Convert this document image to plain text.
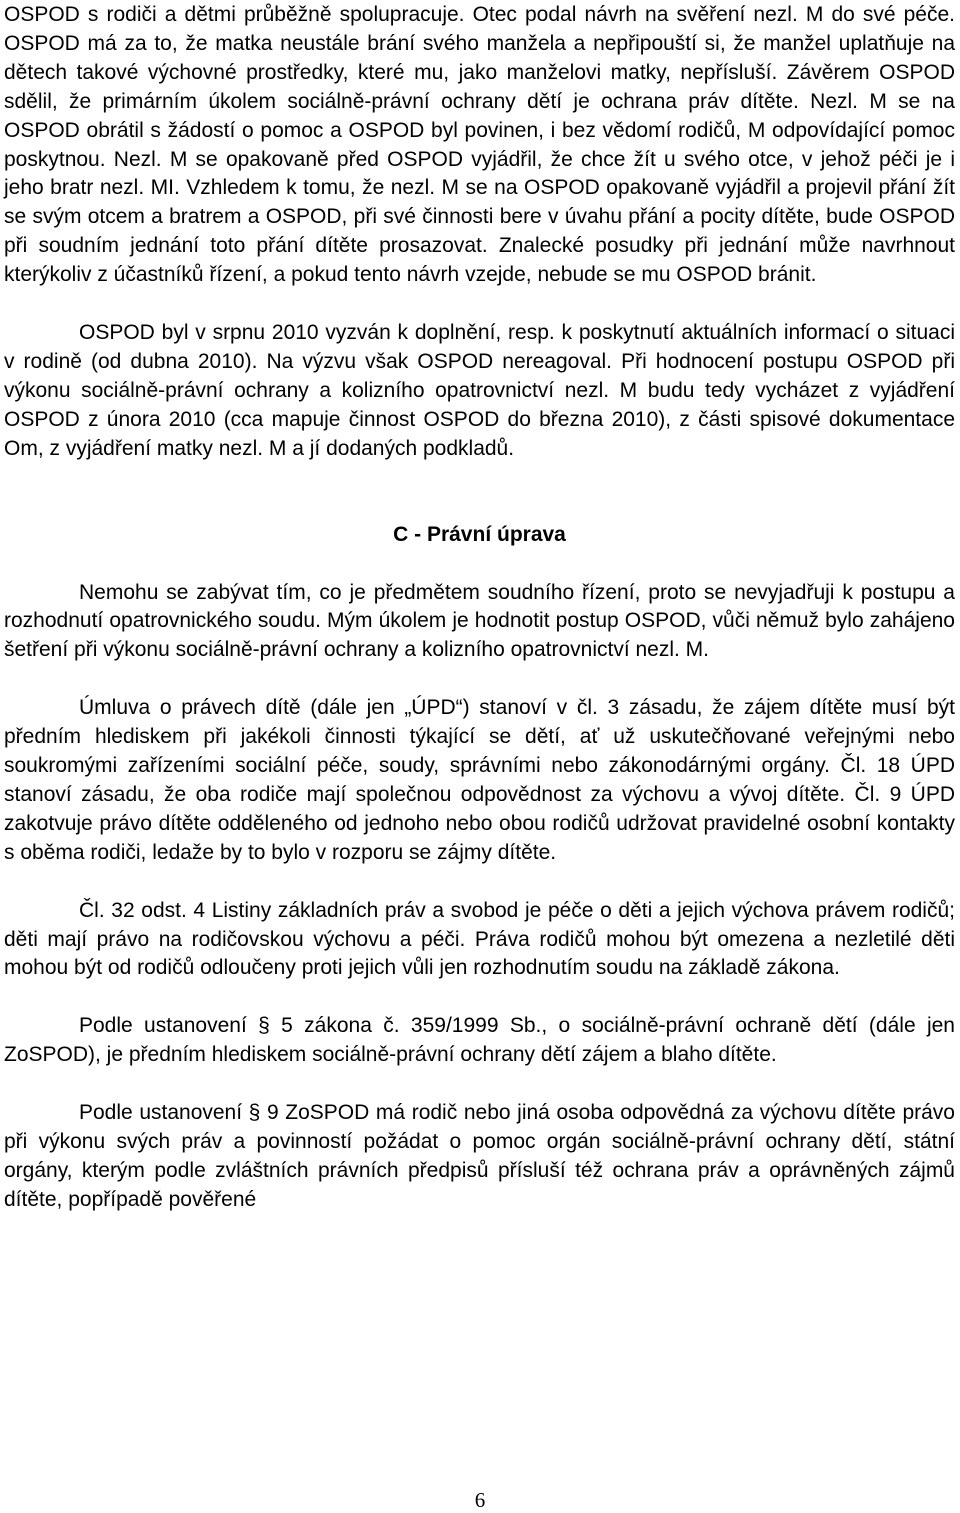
OSPOD s rodiči a dětmi průběžně spolupracuje. Otec podal návrh na svěření nezl. M do své péče. OSPOD má za to, že matka neustále brání svého manžela a nepřipouští si, že manžel uplatňuje na dětech takové výchovné prostředky, které mu, jako manželovi matky, nepřísluší. Závěrem OSPOD sdělil, že primárním úkolem sociálně-právní ochrany dětí je ochrana práv dítěte. Nezl. M se na OSPOD obrátil s žádostí o pomoc a OSPOD byl povinen, i bez vědomí rodičů, M odpovídající pomoc poskytnou. Nezl. M se opakovaně před OSPOD vyjádřil, že chce žít u svého otce, v jehož péči je i jeho bratr nezl. MI. Vzhledem k tomu, že nezl. M se na OSPOD opakovaně vyjádřil a projevil přání žít se svým otcem a bratrem a OSPOD, při své činnosti bere v úvahu přání a pocity dítěte, bude OSPOD při soudním jednání toto přání dítěte prosazovat. Znalecké posudky při jednání může navrhnout kterýkoliv z účastníků řízení, a pokud tento návrh vzejde, nebude se mu OSPOD bránit.

OSPOD byl v srpnu 2010 vyzván k doplnění, resp. k poskytnutí aktuálních informací o situaci v rodině (od dubna 2010). Na výzvu však OSPOD nereagoval. Při hodnocení postupu OSPOD při výkonu sociálně-právní ochrany a kolizního opatrovnictví nezl. M budu tedy vycházet z vyjádření OSPOD z února 2010 (cca mapuje činnost OSPOD do března 2010), z části spisové dokumentace Om, z vyjádření matky nezl. M a jí dodaných podkladů.

C - Právní úprava

Nemohu se zabývat tím, co je předmětem soudního řízení, proto se nevyjadřuji k postupu a rozhodnutí opatrovnického soudu. Mým úkolem je hodnotit postup OSPOD, vůči němuž bylo zahájeno šetření při výkonu sociálně-právní ochrany a kolizního opatrovnictví nezl. M.

Úmluva o právech dítě (dále jen „ÚPD“) stanoví v čl. 3 zásadu, že zájem dítěte musí být předním hlediskem při jakékoli činnosti týkající se dětí, ať už uskutečňované veřejnými nebo soukromými zařízeními sociální péče, soudy, správními nebo zákonodárnými orgány. Čl. 18 ÚPD stanoví zásadu, že oba rodiče mají společnou odpovědnost za výchovu a vývoj dítěte. Čl. 9 ÚPD zakotvuje právo dítěte odděleného od jednoho nebo obou rodičů udržovat pravidelné osobní kontakty s oběma rodiči, ledaže by to bylo v rozporu se zájmy dítěte.

Čl. 32 odst. 4 Listiny základních práv a svobod je péče o děti a jejich výchova právem rodičů; děti mají právo na rodičovskou výchovu a péči. Práva rodičů mohou být omezena a nezletilé děti mohou být od rodičů odloučeny proti jejich vůli jen rozhodnutím soudu na základě zákona.

Podle ustanovení § 5 zákona č. 359/1999 Sb., o sociálně-právní ochraně dětí (dále jen ZoSPOD), je předním hlediskem sociálně-právní ochrany dětí zájem a blaho dítěte.

Podle ustanovení § 9 ZoSPOD má rodič nebo jiná osoba odpovědná za výchovu dítěte právo při výkonu svých práv a povinností požádat o pomoc orgán sociálně-právní ochrany dětí, státní orgány, kterým podle zvláštních právních předpisů přísluší též ochrana práv a oprávněných zájmů dítěte, popřípadě pověřené

6
